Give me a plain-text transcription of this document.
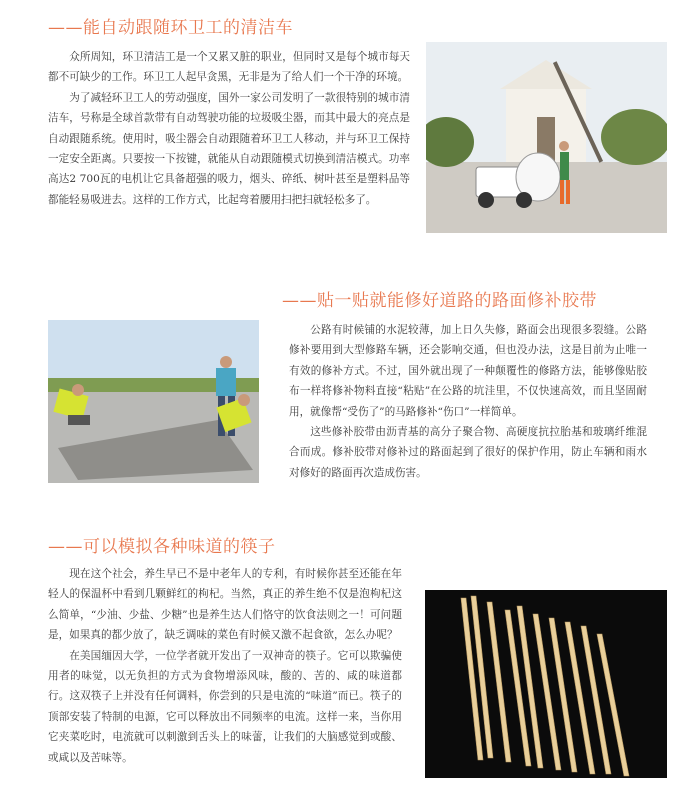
——能自动跟随环卫工的清洁车

众所周知，环卫清洁工是一个又累又脏的职业，但同时又是每个城市每天都不可缺少的工作。环卫工人起早贪黑，无非是为了给人们一个干净的环境。

为了减轻环卫工人的劳动强度，国外一家公司发明了一款很特别的城市清洁车，号称是全球首款带有自动驾驶功能的垃圾吸尘器，而其中最大的亮点是自动跟随系统。使用时，吸尘器会自动跟随着环卫工人移动，并与环卫工保持一定安全距离。只要按一下按键，就能从自动跟随模式切换到清洁模式。功率高达2 700瓦的电机让它具备超强的吸力，烟头、碎纸、树叶甚至是塑料品等都能轻易吸进去。这样的工作方式，比起弯着腰用扫把扫就轻松多了。

——贴一贴就能修好道路的路面修补胶带

公路有时候铺的水泥较薄，加上日久失修，路面会出现很多裂缝。公路修补要用到大型修路车辆，还会影响交通，但也没办法，这是目前为止唯一有效的修补方式。不过，国外就出现了一种颠覆性的修路方法，能够像贴胶布一样将修补物料直接“粘贴”在公路的坑洼里，不仅快速高效，而且坚固耐用，就像帮“受伤了”的马路修补“伤口”一样简单。

这些修补胶带由沥青基的高分子聚合物、高硬度抗拉胎基和玻璃纤维混合而成。修补胶带对修补过的路面起到了很好的保护作用，防止车辆和雨水对修好的路面再次造成伤害。

——可以模拟各种味道的筷子

现在这个社会，养生早已不是中老年人的专利，有时候你甚至还能在年轻人的保温杯中看到几颗鲜红的枸杞。当然，真正的养生绝不仅是泡枸杞这么简单，“少油、少盐、少糖”也是养生达人们恪守的饮食法则之一！可问题是，如果真的都少放了，缺乏调味的菜色有时候又激不起食欲，怎么办呢？

在美国缅因大学，一位学者就开发出了一双神奇的筷子。它可以欺骗使用者的味觉，以无负担的方式为食物增添风味，酸的、苦的、咸的味道都行。这双筷子上并没有任何调料，你尝到的只是电流的“味道”而已。筷子的顶部安装了特制的电源，它可以释放出不同频率的电流。这样一来，当你用它夹菜吃时，电流就可以刺激到舌头上的味蕾，让我们的大脑感觉到或酸、或咸以及苦味等。
